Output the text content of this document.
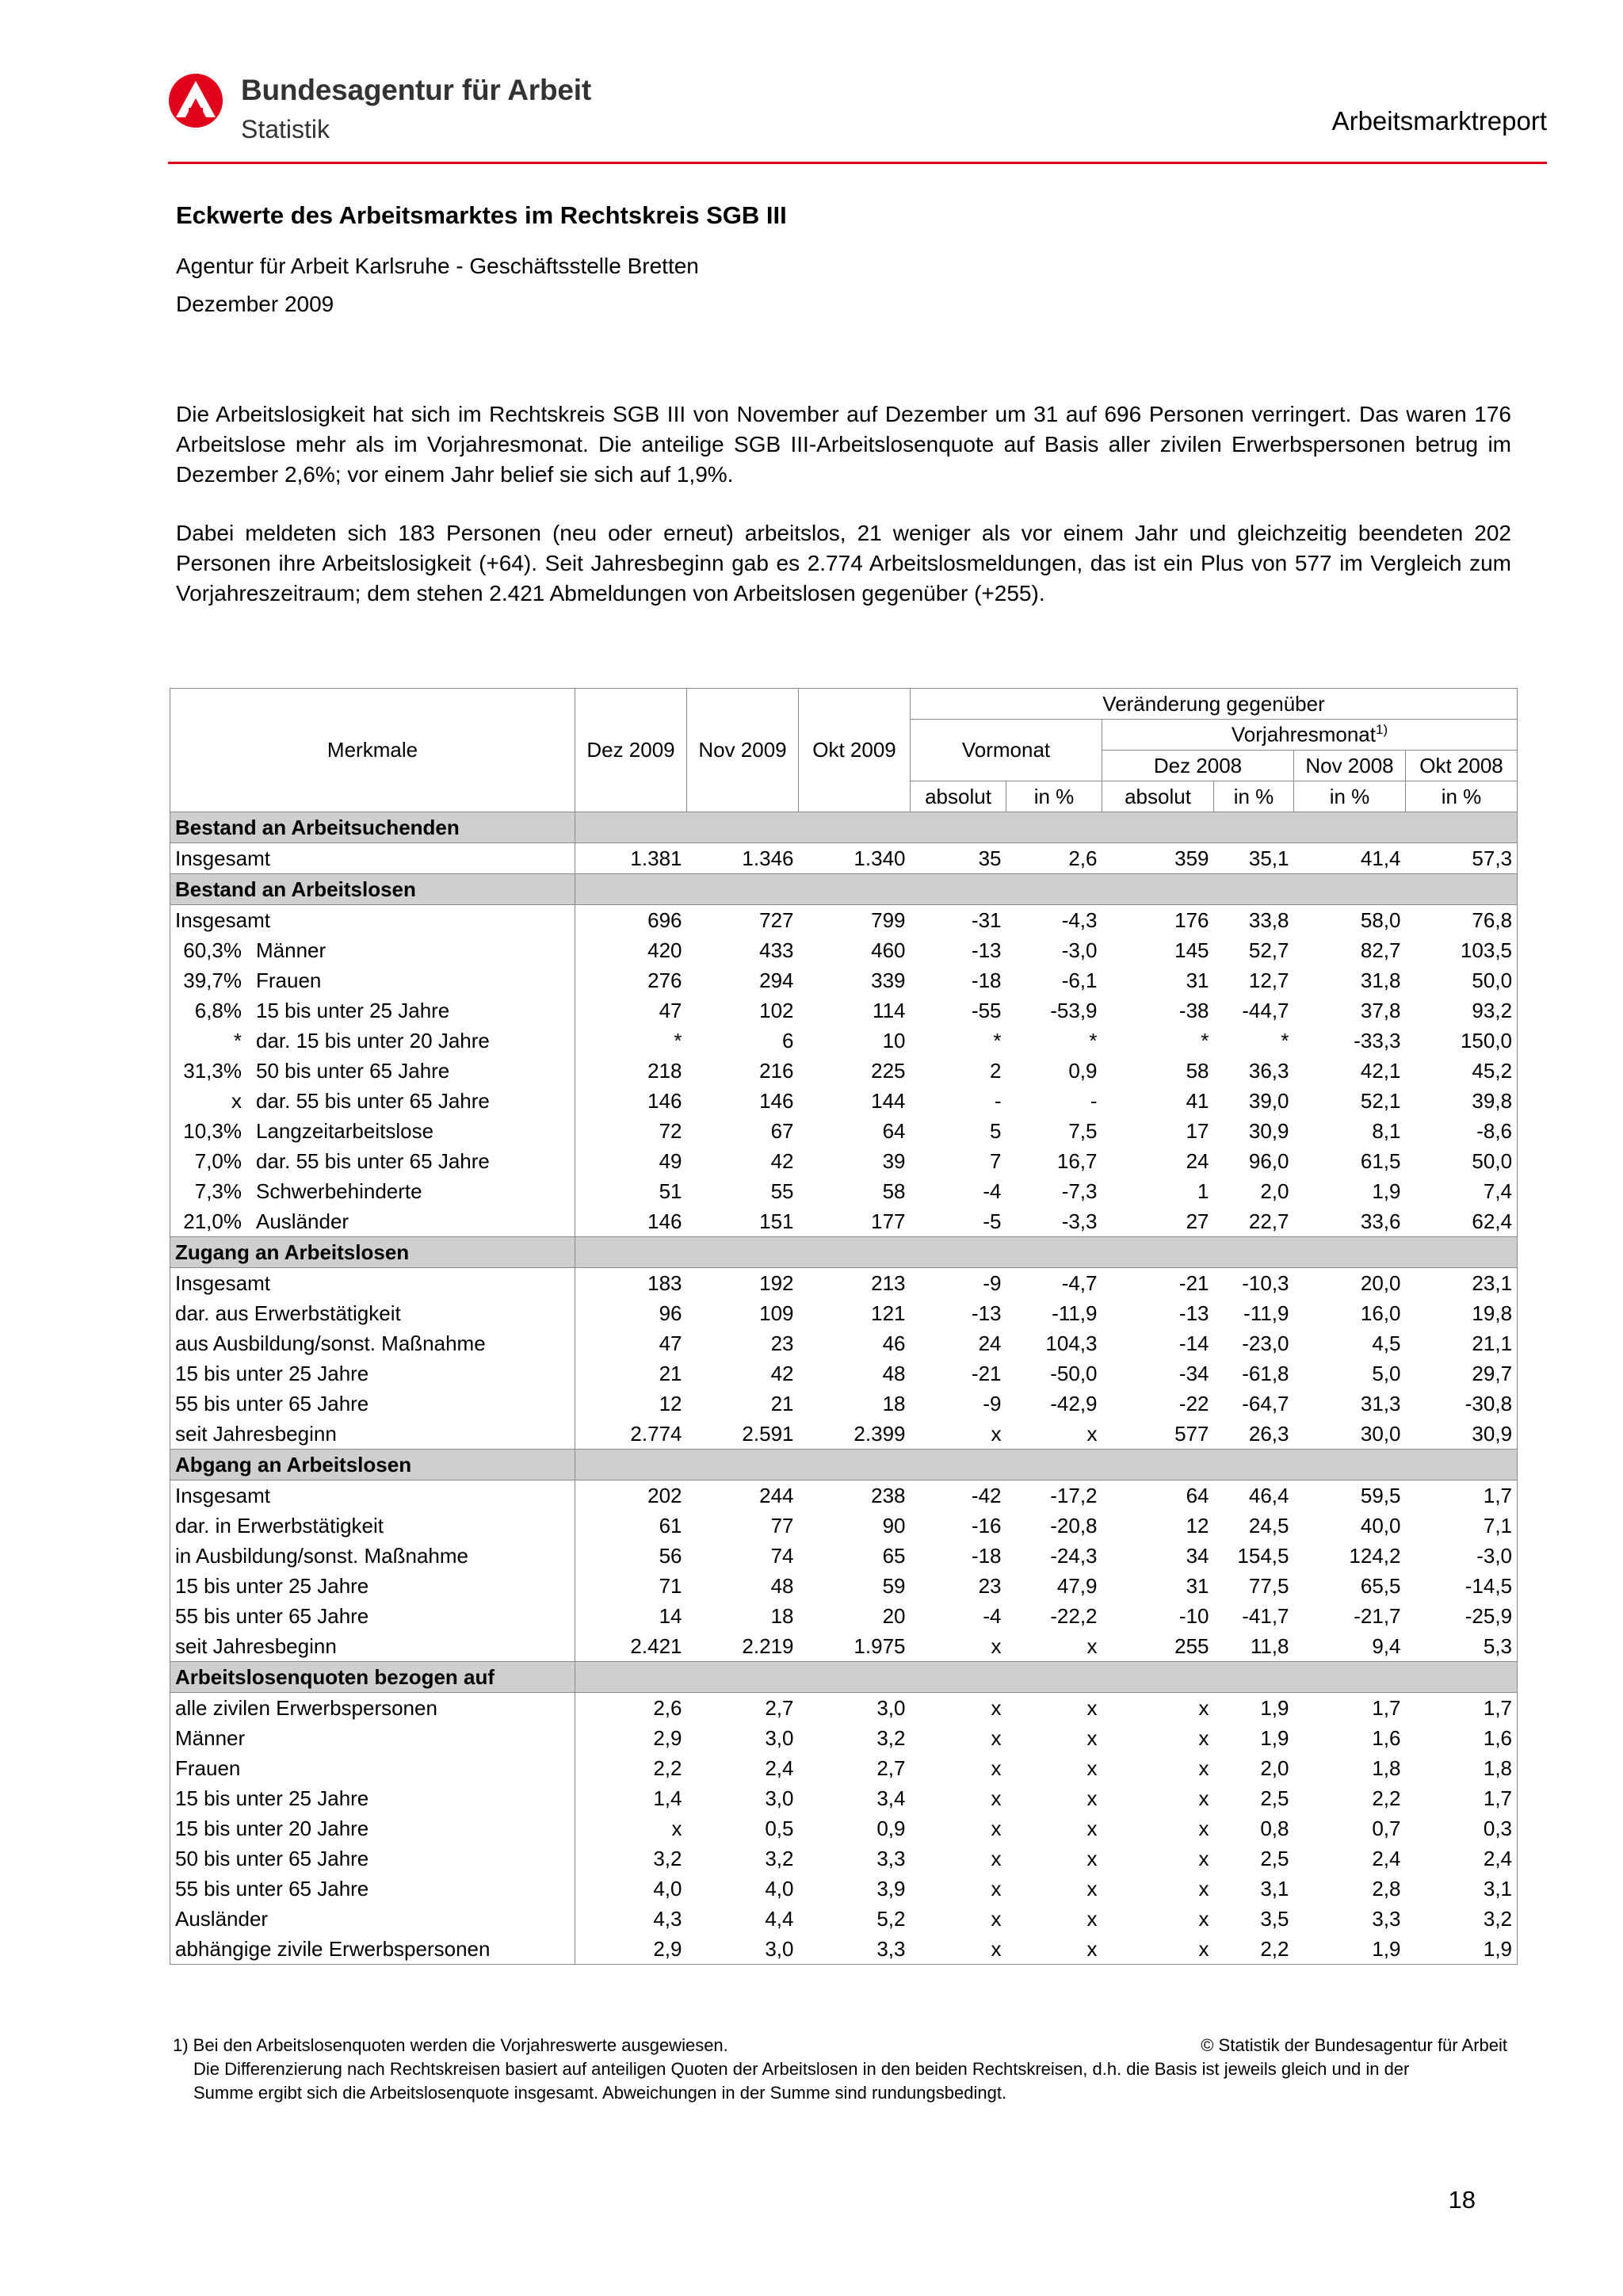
Bundesagentur für Arbeit
Statistik	Arbeitsmarktreport
Eckwerte des Arbeitsmarktes im Rechtskreis SGB III
Agentur für Arbeit Karlsruhe - Geschäftsstelle Bretten
Dezember 2009
Die Arbeitslosigkeit hat sich im Rechtskreis SGB III von November auf Dezember um 31 auf 696 Personen verringert. Das waren 176 Arbeitslose mehr als im Vorjahresmonat. Die anteilige SGB III-Arbeitslosenquote auf Basis aller zivilen Erwerbspersonen betrug im Dezember 2,6%; vor einem Jahr belief sie sich auf 1,9%.
Dabei meldeten sich 183 Personen (neu oder erneut) arbeitslos, 21 weniger als vor einem Jahr und gleichzeitig beendeten 202 Personen ihre Arbeitslosigkeit (+64). Seit Jahresbeginn gab es 2.774 Arbeitslosmeldungen, das ist ein Plus von 577 im Vergleich zum Vorjahreszeitraum; dem stehen 2.421 Abmeldungen von Arbeitslosen gegenüber (+255).
Merkmale	Dez 2009	Nov 2009	Okt 2009	Veränderung gegenüber					
				Vormonat		Vorjahresmonat$^{1)}$
						Dez 2008		Nov 2008	Okt 2008
				absolut	in %	absolut	in %	in %	in %
Bestand an Arbeitsuchenden									
Insgesamt	1.381	1.346	1.340	35	2,6	359	35,1	41,4	57,3
Bestand an Arbeitslosen									
Insgesamt	696	727	799	-31	-4,3	176	33,8	58,0	76,8
60,3% Männer	420	433	460	-13	-3,0	145	52,7	82,7	103,5
39,7% Frauen	276	294	339	-18	-6,1	31	12,7	31,8	50,0
6,8% 15 bis unter 25 Jahre	47	102	114	-55	-53,9	-38	-44,7	37,8	93,2
* dar. 15 bis unter 20 Jahre	*	6	10	*	*	*	*	-33,3	150,0
31,3% 50 bis unter 65 Jahre	218	216	225	2	0,9	58	36,3	42,1	45,2
x dar. 55 bis unter 65 Jahre	146	146	144	-	-	41	39,0	52,1	39,8
10,3% Langzeitarbeitslose	72	67	64	5	7,5	17	30,9	8,1	-8,6
7,0% dar. 55 bis unter 65 Jahre	49	42	39	7	16,7	24	96,0	61,5	50,0
7,3% Schwerbehinderte	51	55	58	-4	-7,3	1	2,0	1,9	7,4
21,0% Ausländer	146	151	177	-5	-3,3	27	22,7	33,6	62,4
Zugang an Arbeitslosen									
Insgesamt	183	192	213	-9	-4,7	-21	-10,3	20,0	23,1
dar. aus Erwerbstätigkeit	96	109	121	-13	-11,9	-13	-11,9	16,0	19,8
aus Ausbildung/sonst. Maßnahme	47	23	46	24	104,3	-14	-23,0	4,5	21,1
15 bis unter 25 Jahre	21	42	48	-21	-50,0	-34	-61,8	5,0	29,7
55 bis unter 65 Jahre	12	21	18	-9	-42,9	-22	-64,7	31,3	-30,8
seit Jahresbeginn	2.774	2.591	2.399	x	x	577	26,3	30,0	30,9
Abgang an Arbeitslosen									
Insgesamt	202	244	238	-42	-17,2	64	46,4	59,5	1,7
dar. in Erwerbstätigkeit	61	77	90	-16	-20,8	12	24,5	40,0	7,1
in Ausbildung/sonst. Maßnahme	56	74	65	-18	-24,3	34	154,5	124,2	-3,0
15 bis unter 25 Jahre	71	48	59	23	47,9	31	77,5	65,5	-14,5
55 bis unter 65 Jahre	14	18	20	-4	-22,2	-10	-41,7	-21,7	-25,9
seit Jahresbeginn	2.421	2.219	1.975	x	x	255	11,8	9,4	5,3
Arbeitslosenquoten bezogen auf									
alle zivilen Erwerbspersonen	2,6	2,7	3,0	x	x	x	1,9	1,7	1,7
Männer	2,9	3,0	3,2	x	x	x	1,9	1,6	1,6
Frauen	2,2	2,4	2,7	x	x	x	2,0	1,8	1,8
15 bis unter 25 Jahre	1,4	3,0	3,4	x	x	x	2,5	2,2	1,7
15 bis unter 20 Jahre	x	0,5	0,9	x	x	x	0,8	0,7	0,3
50 bis unter 65 Jahre	3,2	3,2	3,3	x	x	x	2,5	2,4	2,4
55 bis unter 65 Jahre	4,0	4,0	3,9	x	x	x	3,1	2,8	3,1
Ausländer	4,3	4,4	5,2	x	x	x	3,5	3,3	3,2
abhängige zivile Erwerbspersonen	2,9	3,0	3,3	x	x	x	2,2	1,9	1,9
1) Bei den Arbeitslosenquoten werden die Vorjahreswerte ausgewiesen.	© Statistik der Bundesagentur für Arbeit
Die Differenzierung nach Rechtskreisen basiert auf anteiligen Quoten der Arbeitslosen in den beiden Rechtskreisen, d.h. die Basis ist jeweils gleich und in der
Summe ergibt sich die Arbeitslosenquote insgesamt. Abweichungen in der Summe sind rundungsbedingt.
18
